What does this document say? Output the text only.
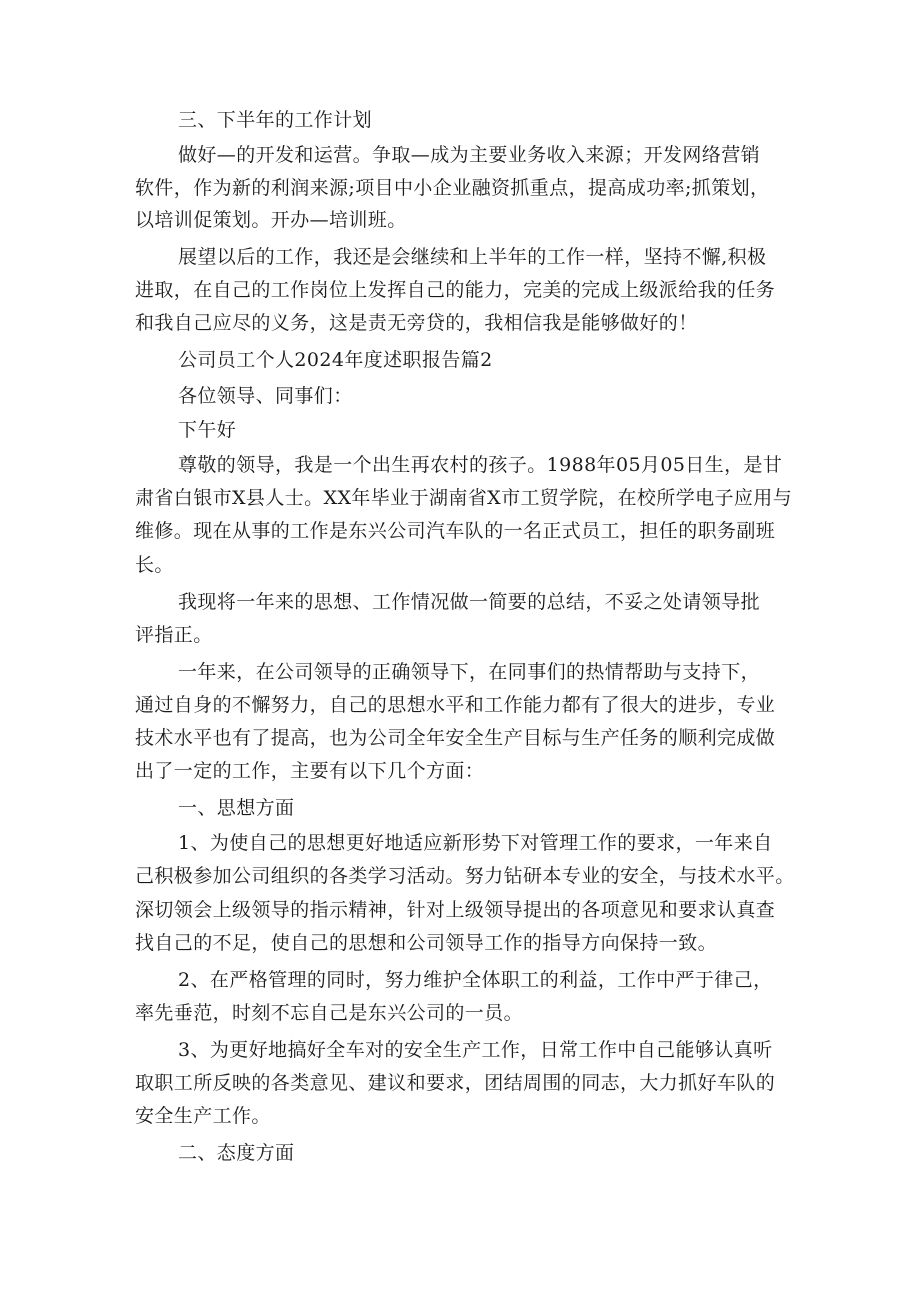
三、下半年的工作计划
做好—的开发和运营。争取—成为主要业务收入来源；开发网络营销
软件，作为新的利润来源;项目中小企业融资抓重点，提高成功率;抓策划，
以培训促策划。开办—培训班。
展望以后的工作，我还是会继续和上半年的工作一样，坚持不懈,积极
进取，在自己的工作岗位上发挥自己的能力，完美的完成上级派给我的任务
和我自己应尽的义务，这是责无旁贷的，我相信我是能够做好的！
公司员工个人2024年度述职报告篇2
各位领导、同事们：
下午好
尊敬的领导，我是一个出生再农村的孩子。1988年05月05日生，是甘
肃省白银市X县人士。XX年毕业于湖南省X市工贸学院，在校所学电子应用与
维修。现在从事的工作是东兴公司汽车队的一名正式员工，担任的职务副班
长。
我现将一年来的思想、工作情况做一简要的总结，不妥之处请领导批
评指正。
一年来，在公司领导的正确领导下，在同事们的热情帮助与支持下，
通过自身的不懈努力，自己的思想水平和工作能力都有了很大的进步，专业
技术水平也有了提高，也为公司全年安全生产目标与生产任务的顺利完成做
出了一定的工作，主要有以下几个方面：
一、思想方面
1、为使自己的思想更好地适应新形势下对管理工作的要求，一年来自
己积极参加公司组织的各类学习活动。努力钻研本专业的安全，与技术水平。
深切领会上级领导的指示精神，针对上级领导提出的各项意见和要求认真查
找自己的不足，使自己的思想和公司领导工作的指导方向保持一致。
2、在严格管理的同时，努力维护全体职工的利益，工作中严于律己，
率先垂范，时刻不忘自己是东兴公司的一员。
3、为更好地搞好全车对的安全生产工作，日常工作中自己能够认真听
取职工所反映的各类意见、建议和要求，团结周围的同志，大力抓好车队的
安全生产工作。
二、态度方面
